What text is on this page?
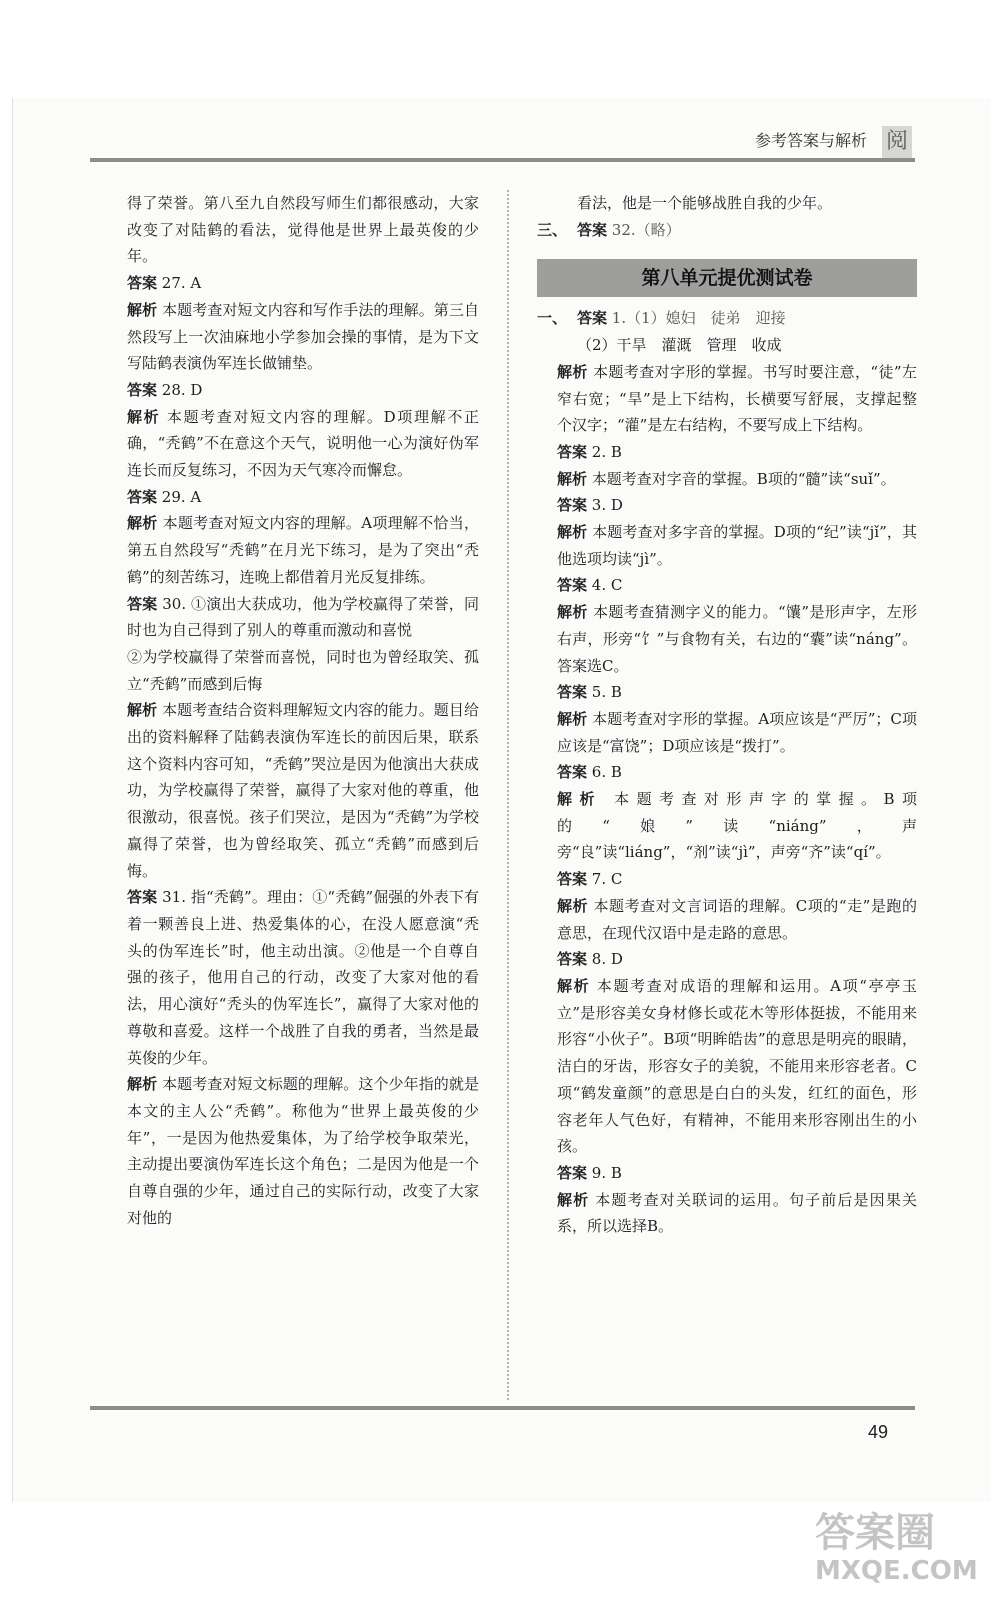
参考答案与解析 阅

得了荣誉。第八至九自然段写师生们都很感动，大家改变了对陆鹤的看法，觉得他是世界上最英俊的少年。

答案 27. A

解析 本题考查对短文内容和写作手法的理解。第三自然段写上一次油麻地小学参加会操的事情，是为下文写陆鹤表演伪军连长做铺垫。

答案 28. D

解析 本题考查对短文内容的理解。D项理解不正确，“秃鹤”不在意这个天气，说明他一心为演好伪军连长而反复练习，不因为天气寒冷而懈怠。

答案 29. A

解析 本题考查对短文内容的理解。A项理解不恰当，第五自然段写“秃鹤”在月光下练习，是为了突出“秃鹤”的刻苦练习，连晚上都借着月光反复排练。

答案 30. ①演出大获成功，他为学校赢得了荣誉，同时也为自己得到了别人的尊重而激动和喜悦

②为学校赢得了荣誉而喜悦，同时也为曾经取笑、孤立“秃鹤”而感到后悔

解析 本题考查结合资料理解短文内容的能力。题目给出的资料解释了陆鹤表演伪军连长的前因后果，联系这个资料内容可知，“秃鹤”哭泣是因为他演出大获成功，为学校赢得了荣誉，赢得了大家对他的尊重，他很激动，很喜悦。孩子们哭泣，是因为“秃鹤”为学校赢得了荣誉，也为曾经取笑、孤立“秃鹤”而感到后悔。

答案 31. 指“秃鹤”。理由：①“秃鹤”倔强的外表下有着一颗善良上进、热爱集体的心，在没人愿意演“秃头的伪军连长”时，他主动出演。②他是一个自尊自强的孩子，他用自己的行动，改变了大家对他的看法，用心演好“秃头的伪军连长”，赢得了大家对他的尊敬和喜爱。这样一个战胜了自我的勇者，当然是最英俊的少年。

解析 本题考查对短文标题的理解。这个少年指的就是本文的主人公“秃鹤”。称他为“世界上最英俊的少年”，一是因为他热爱集体，为了给学校争取荣光，主动提出要演伪军连长这个角色；二是因为他是一个自尊自强的少年，通过自己的实际行动，改变了大家对他的

看法，他是一个能够战胜自我的少年。

三、 答案 32.（略）

第八单元提优测试卷

一、 答案 1.（1）媳妇　徒弟　迎接

（2）干旱　灌溉　管理　收成

解析 本题考查对字形的掌握。书写时要注意，“徒”左窄右宽；“旱”是上下结构，长横要写舒展，支撑起整个汉字；“灌”是左右结构，不要写成上下结构。

答案 2. B

解析 本题考查对字音的掌握。B项的“髓”读“suǐ”。

答案 3. D

解析 本题考查对多字音的掌握。D项的“纪”读“jǐ”，其他选项均读“jì”。

答案 4. C

解析 本题考查猜测字义的能力。“馕”是形声字，左形右声，形旁“饣”与食物有关，右边的“囊”读“náng”。答案选C。

答案 5. B

解析 本题考查对字形的掌握。A项应该是“严厉”；C项应该是“富饶”；D项应该是“拨打”。

答案 6. B

解析 本题考查对形声字的掌握。B项的“娘”读“niáng”，声旁“良”读“liáng”，“剂”读“jì”，声旁“齐”读“qí”。

答案 7. C

解析 本题考查对文言词语的理解。C项的“走”是跑的意思，在现代汉语中是走路的意思。

答案 8. D

解析 本题考查对成语的理解和运用。A项“亭亭玉立”是形容美女身材修长或花木等形体挺拔，不能用来形容“小伙子”。B项“明眸皓齿”的意思是明亮的眼睛，洁白的牙齿，形容女子的美貌，不能用来形容老者。C项“鹤发童颜”的意思是白白的头发，红红的面色，形容老年人气色好，有精神，不能用来形容刚出生的小孩。

答案 9. B

解析 本题考查对关联词的运用。句子前后是因果关系，所以选择B。

49
答案圈
MXQE.COM
